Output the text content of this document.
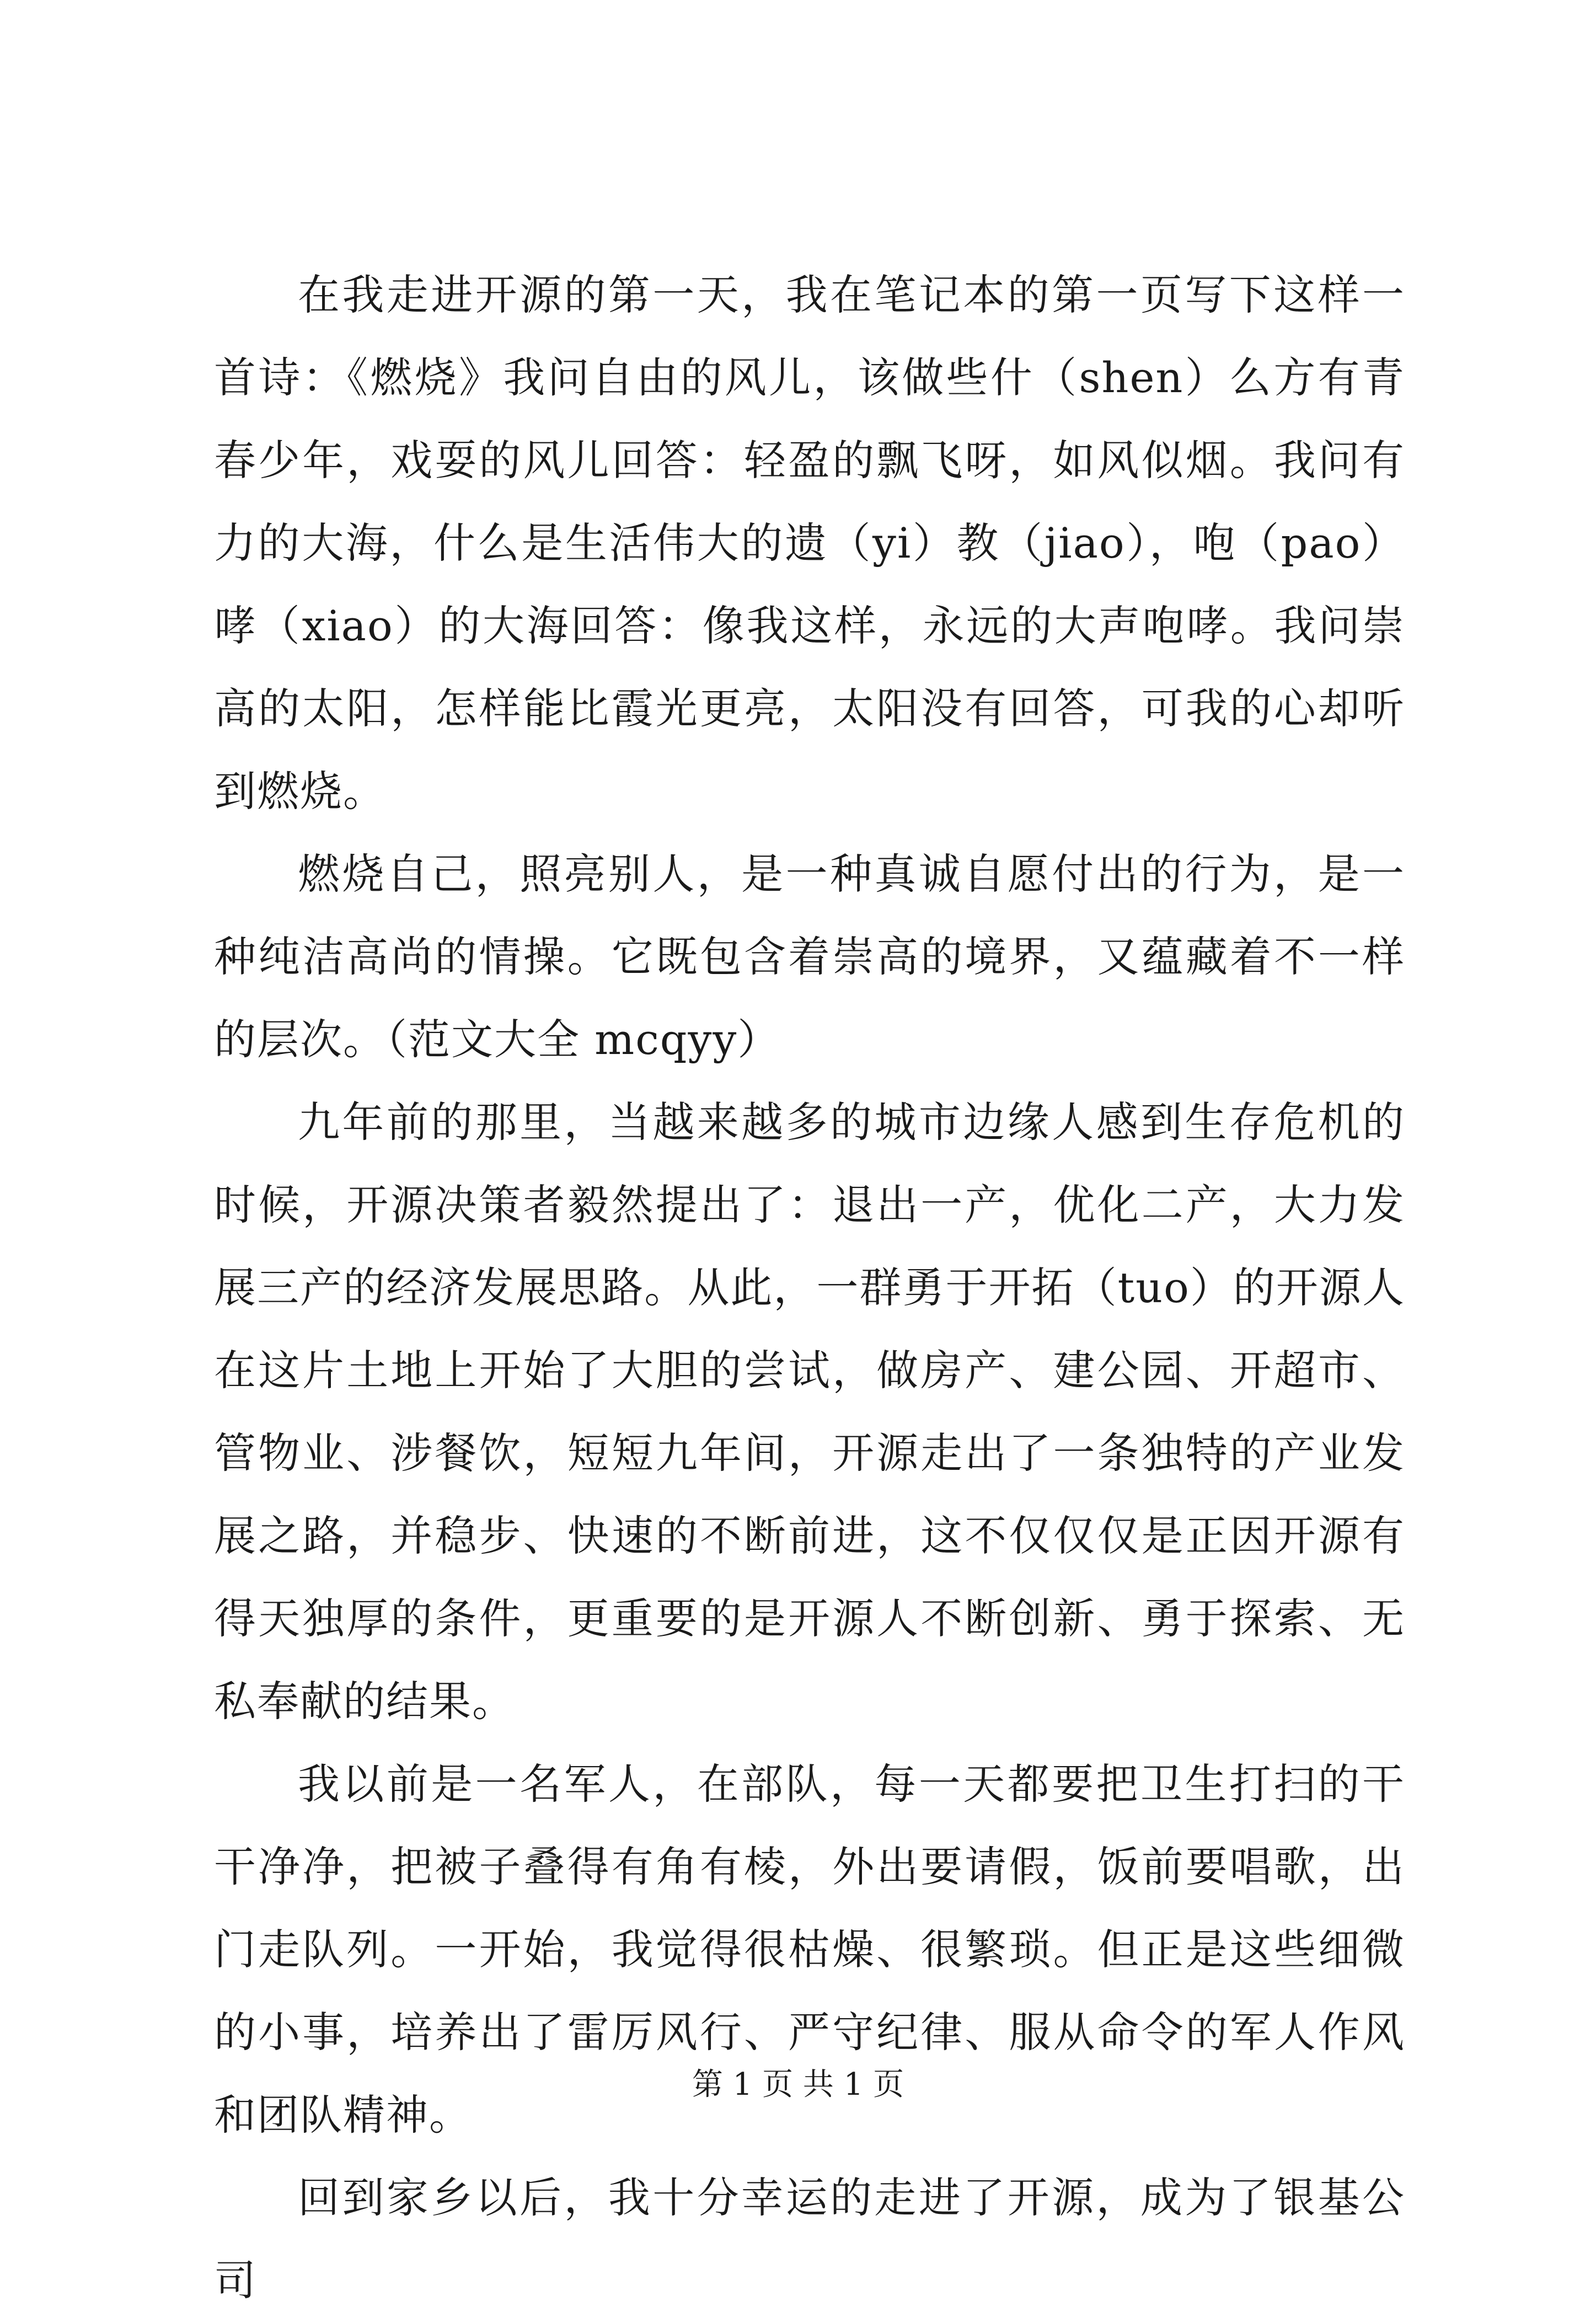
在我走进开源的第一天，我在笔记本的第一页写下这样一首诗：《燃烧》我问自由的风儿，该做些什（shen）么方有青春少年，戏耍的风儿回答：轻盈的飘飞呀，如风似烟。我问有力的大海，什么是生活伟大的遗（yi）教（jiao），咆（pao）哮（xiao）的大海回答：像我这样，永远的大声咆哮。我问崇高的太阳，怎样能比霞光更亮，太阳没有回答，可我的心却听到燃烧。

燃烧自己，照亮别人，是一种真诚自愿付出的行为，是一种纯洁高尚的情操。它既包含着崇高的境界，又蕴藏着不一样的层次。（范文大全 mcqyy）

九年前的那里，当越来越多的城市边缘人感到生存危机的时候，开源决策者毅然提出了：退出一产，优化二产，大力发展三产的经济发展思路。从此，一群勇于开拓（tuo）的开源人在这片土地上开始了大胆的尝试，做房产、建公园、开超市、管物业、涉餐饮，短短九年间，开源走出了一条独特的产业发展之路，并稳步、快速的不断前进，这不仅仅仅是正因开源有得天独厚的条件，更重要的是开源人不断创新、勇于探索、无私奉献的结果。

我以前是一名军人，在部队，每一天都要把卫生打扫的干干净净，把被子叠得有角有棱，外出要请假，饭前要唱歌，出门走队列。一开始，我觉得很枯燥、很繁琐。但正是这些细微的小事，培养出了雷厉风行、严守纪律、服从命令的军人作风和团队精神。

回到家乡以后，我十分幸运的走进了开源，成为了银基公司

第 1 页 共 1 页
